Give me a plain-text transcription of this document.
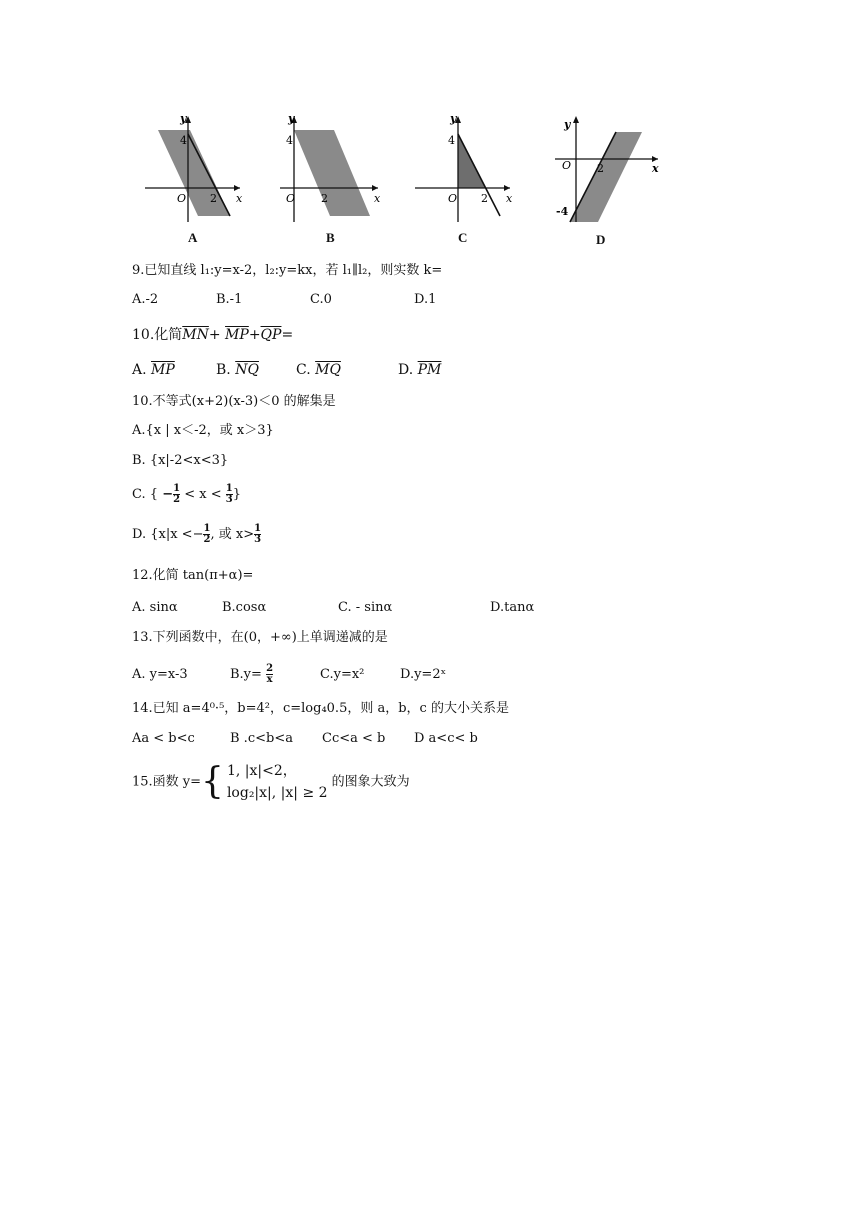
y
x
O
4
2
A
y
x
O
4
2
B
y
x
O
4
2
C
y
x
O 2
-4
D
9.已知直线 l₁:y=x-2，l₂:y=kx，若 l₁∥l₂，则实数 k=
A.-2	B.-1	C.0	D.1
10.化简$\overline{MN}+ \overline{MP}+\overline{QP}=$
A. $\overline{MP}$	B. $\overline{NQ}$	C. $\overline{MQ}$	D. $\overline{PM}$
10.不等式(x+2)(x-3)＜0 的解集是
A.{x | x＜-2，或 x＞3}
B. {x|-2<x<3}
C. { − $\frac{1}{2} < x < \frac{1}{3}$ }
D. {$x|x <- \frac{1}{2}$ , 或 $x> \frac{1}{3}$
12.化简 tan(π+α)=
A. sinα	B.cosα	C. - sinα	D.tanα
13.下列函数中，在(0，+∞)上单调递减的是
A. y=x-3	$B.y= \frac{2}{x}$	C.y=x²	D.y=2ˣ
14.已知 a=4⁰·⁵，b=4²，c=log₄0.5，则 a，b，c 的大小关系是
Aa < b<c	B .c<b<a Cc<a < b D a<c< b
15.函数 y= { 1, |x|<2，
log₂|x|, |x| ≥ 2
的图象大致为
